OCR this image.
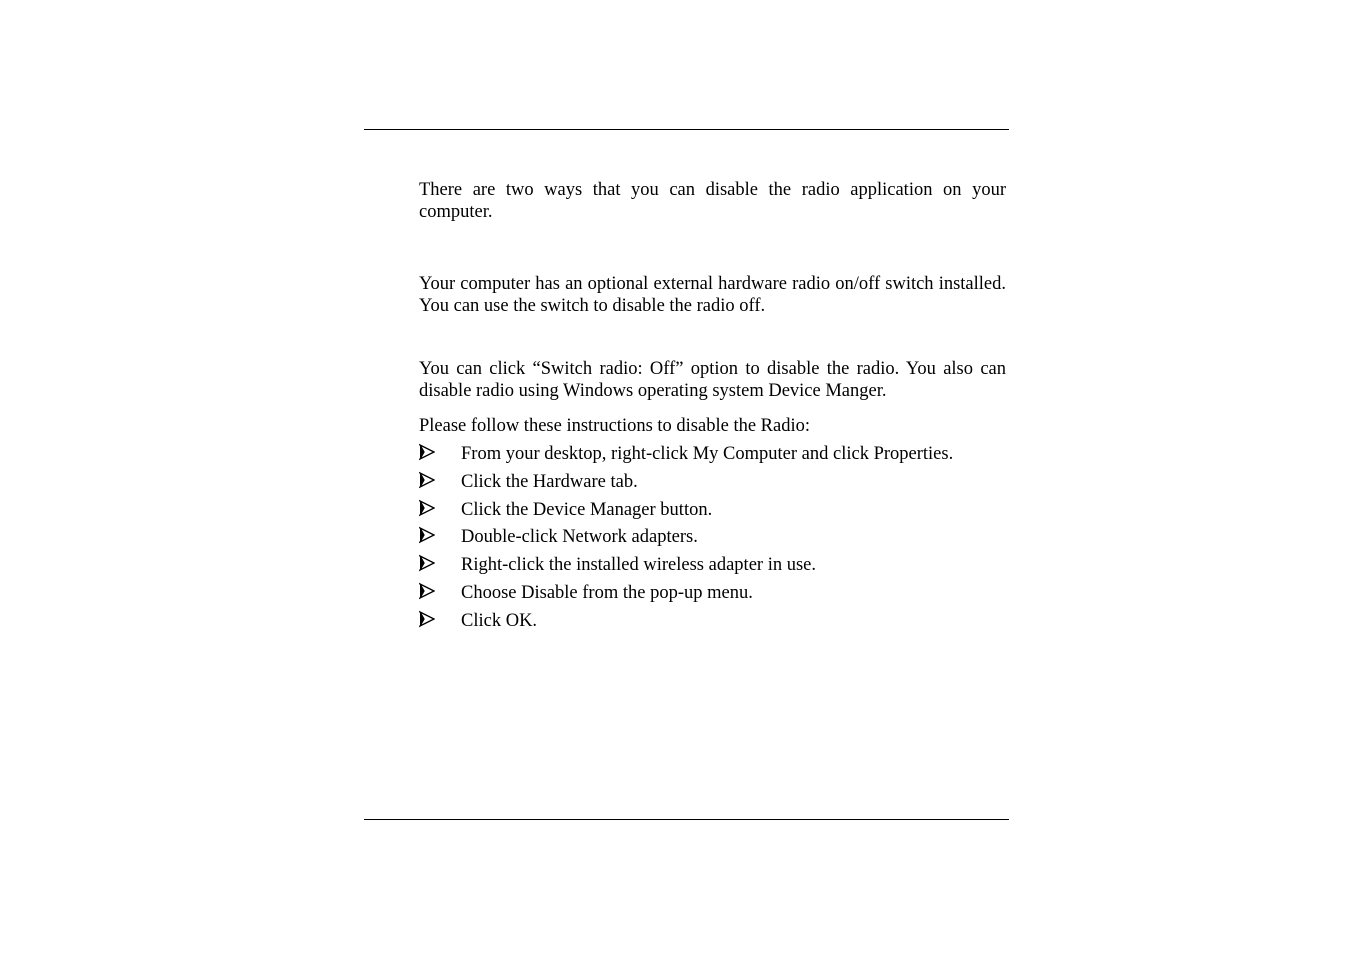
There are two ways that you can disable the radio application on your computer.

Your computer has an optional external hardware radio on/off switch installed. You can use the switch to disable the radio off.

You can click “Switch radio: Off” option to disable the radio. You also can disable radio using Windows operating system Device Manger.

Please follow these instructions to disable the Radio:

From your desktop, right-click My Computer and click Properties.
Click the Hardware tab.
Click the Device Manager button.
Double-click Network adapters.
Right-click the installed wireless adapter in use.
Choose Disable from the pop-up menu.
Click OK.
